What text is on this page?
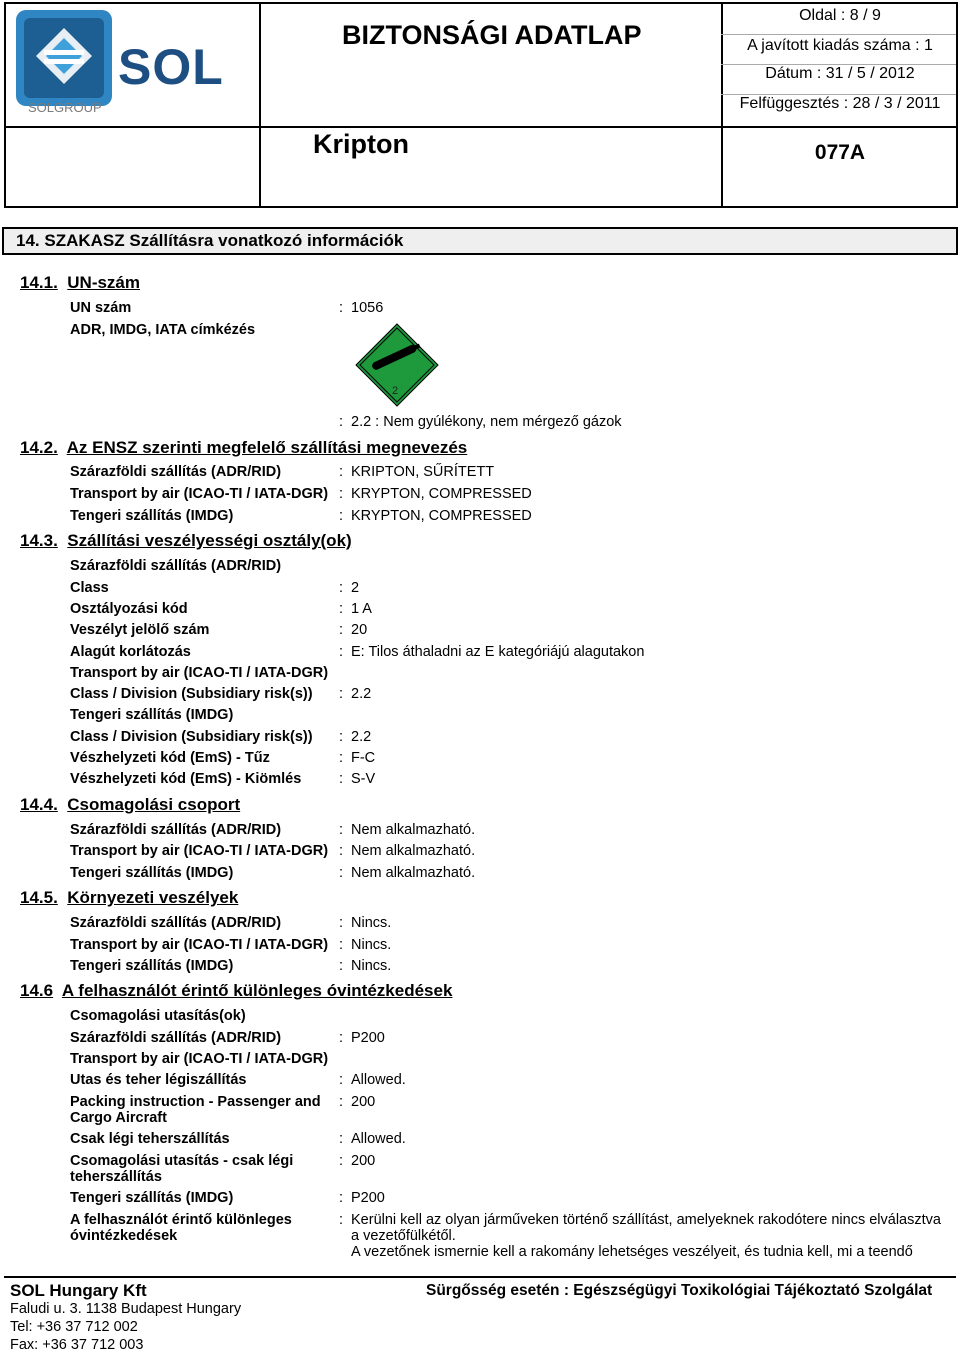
SOL
SOLGROUP
BIZTONSÁGI ADATLAP
Kripton
Oldal : 8 / 9
A javított kiadás száma : 1
Dátum : 31 / 5 / 2012
Felfüggesztés : 28 / 3 / 2011
077A
14. SZAKASZ Szállításra vonatkozó információk
14.1. UN-szám
UN szám	: 1056
ADR, IMDG, IATA címkézés
2
: 2.2 : Nem gyúlékony, nem mérgező gázok
14.2. Az ENSZ szerinti megfelelő szállítási megnevezés
Szárazföldi szállítás (ADR/RID)	: KRIPTON, SŰRÍTETT
Transport by air (ICAO-TI / IATA-DGR) : KRYPTON, COMPRESSED
Tengeri szállítás (IMDG)	: KRYPTON, COMPRESSED
14.3. Szállítási veszélyességi osztály(ok)
Szárazföldi szállítás (ADR/RID)
Class	: 2
Osztályozási kód	: 1 A
Veszélyt jelölő szám	: 20
Alagút korlátozás	: E: Tilos áthaladni az E kategóriájú alagutakon
Transport by air (ICAO-TI / IATA-DGR)
Class / Division (Subsidiary risk(s))	: 2.2
Tengeri szállítás (IMDG)
Class / Division (Subsidiary risk(s))	: 2.2
Vészhelyzeti kód (EmS) - Tűz	: F-C
Vészhelyzeti kód (EmS) - Kiömlés	: S-V
14.4. Csomagolási csoport
Szárazföldi szállítás (ADR/RID)	: Nem alkalmazható.
Transport by air (ICAO-TI / IATA-DGR) : Nem alkalmazható.
Tengeri szállítás (IMDG)	: Nem alkalmazható.
14.5. Környezeti veszélyek
Szárazföldi szállítás (ADR/RID)	: Nincs.
Transport by air (ICAO-TI / IATA-DGR) : Nincs.
Tengeri szállítás (IMDG)	: Nincs.
14.6 A felhasználót érintő különleges óvintézkedések
Csomagolási utasítás(ok)
Szárazföldi szállítás (ADR/RID)	: P200
Transport by air (ICAO-TI / IATA-DGR)
Utas és teher légiszállítás	: Allowed.
Packing instruction - Passenger and Cargo Aircraft
: 200
Csak légi teherszállítás	: Allowed.
Csomagolási utasítás - csak légi teherszállítás
: 200
Tengeri szállítás (IMDG)	: P200
A felhasználót érintő különleges óvintézkedések
: Kerülni kell az olyan járműveken történő szállítást, amelyeknek rakodótere nincs elválasztva a vezetőfülkétől.
A vezetőnek ismernie kell a rakomány lehetséges veszélyeit, és tudnia kell, mi a teendő
SOL Hungary Kft
Faludi u. 3. 1138 Budapest Hungary
Tel: +36 37 712 002
Fax: +36 37 712 003
Sürgősség esetén : Egészségügyi Toxikológiai Tájékoztató Szolgálat
